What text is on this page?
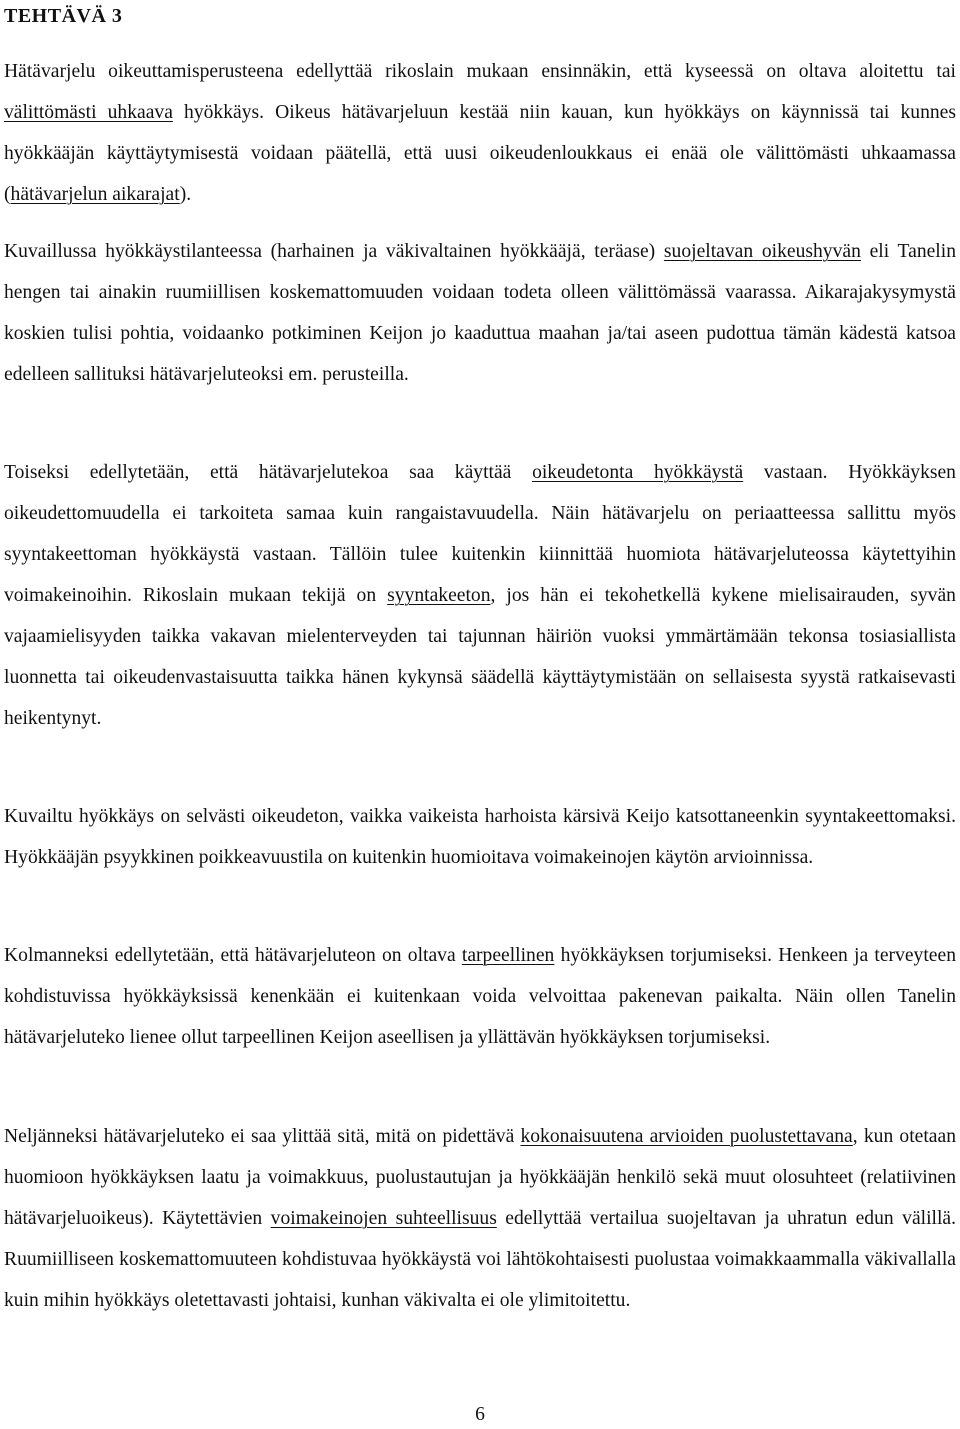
TEHTÄVÄ 3

Hätävarjelu oikeuttamisperusteena edellyttää rikoslain mukaan ensinnäkin, että kyseessä on oltava aloitettu tai välittömästi uhkaava hyökkäys. Oikeus hätävarjeluun kestää niin kauan, kun hyökkäys on käynnissä tai kunnes hyökkääjän käyttäytymisestä voidaan päätellä, että uusi oikeudenloukkaus ei enää ole välittömästi uhkaamassa (hätävarjelun aikarajat).

Kuvaillussa hyökkäystilanteessa (harhainen ja väkivaltainen hyökkääjä, teräase) suojeltavan oikeushyvän eli Tanelin hengen tai ainakin ruumiillisen koskemattomuuden voidaan todeta olleen välittömässä vaarassa. Aikarajakysymystä koskien tulisi pohtia, voidaanko potkiminen Keijon jo kaaduttua maahan ja/tai aseen pudottua tämän kädestä katsoa edelleen sallituksi hätävarjeluteoksi em. perusteilla.

Toiseksi edellytetään, että hätävarjelutekoa saa käyttää oikeudetonta hyökkäystä vastaan. Hyökkäyksen oikeudettomuudella ei tarkoiteta samaa kuin rangaistavuudella. Näin hätävarjelu on periaatteessa sallittu myös syyntakeettoman hyökkäystä vastaan. Tällöin tulee kuitenkin kiinnittää huomiota hätävarjeluteossa käytettyihin voimakeinoihin. Rikoslain mukaan tekijä on syyntakeeton, jos hän ei tekohetkellä kykene mielisairauden, syvän vajaamielisyyden taikka vakavan mielenterveyden tai tajunnan häiriön vuoksi ymmärtämään tekonsa tosiasiallista luonnetta tai oikeudenvastaisuutta taikka hänen kykynsä säädellä käyttäytymistään on sellaisesta syystä ratkaisevasti heikentynyt.

Kuvailtu hyökkäys on selvästi oikeudeton, vaikka vaikeista harhoista kärsivä Keijo katsottaneenkin syyntakeettomaksi. Hyökkääjän psyykkinen poikkeavuustila on kuitenkin huomioitava voimakeinojen käytön arvioinnissa.

Kolmanneksi edellytetään, että hätävarjeluteon on oltava tarpeellinen hyökkäyksen torjumiseksi. Henkeen ja terveyteen kohdistuvissa hyökkäyksissä kenenkään ei kuitenkaan voida velvoittaa pakenevan paikalta. Näin ollen Tanelin hätävarjeluteko lienee ollut tarpeellinen Keijon aseellisen ja yllättävän hyökkäyksen torjumiseksi.

Neljänneksi hätävarjeluteko ei saa ylittää sitä, mitä on pidettävä kokonaisuutena arvioiden puolustettavana, kun otetaan huomioon hyökkäyksen laatu ja voimakkuus, puolustautujan ja hyökkääjän henkilö sekä muut olosuhteet (relatiivinen hätävarjeluoikeus). Käytettävien voimakeinojen suhteellisuus edellyttää vertailua suojeltavan ja uhratun edun välillä. Ruumiilliseen koskemattomuuteen kohdistuvaa hyökkäystä voi lähtökohtaisesti puolustaa voimakkaammalla väkivallalla kuin mihin hyökkäys oletettavasti johtaisi, kunhan väkivalta ei ole ylimitoitettu.

6
